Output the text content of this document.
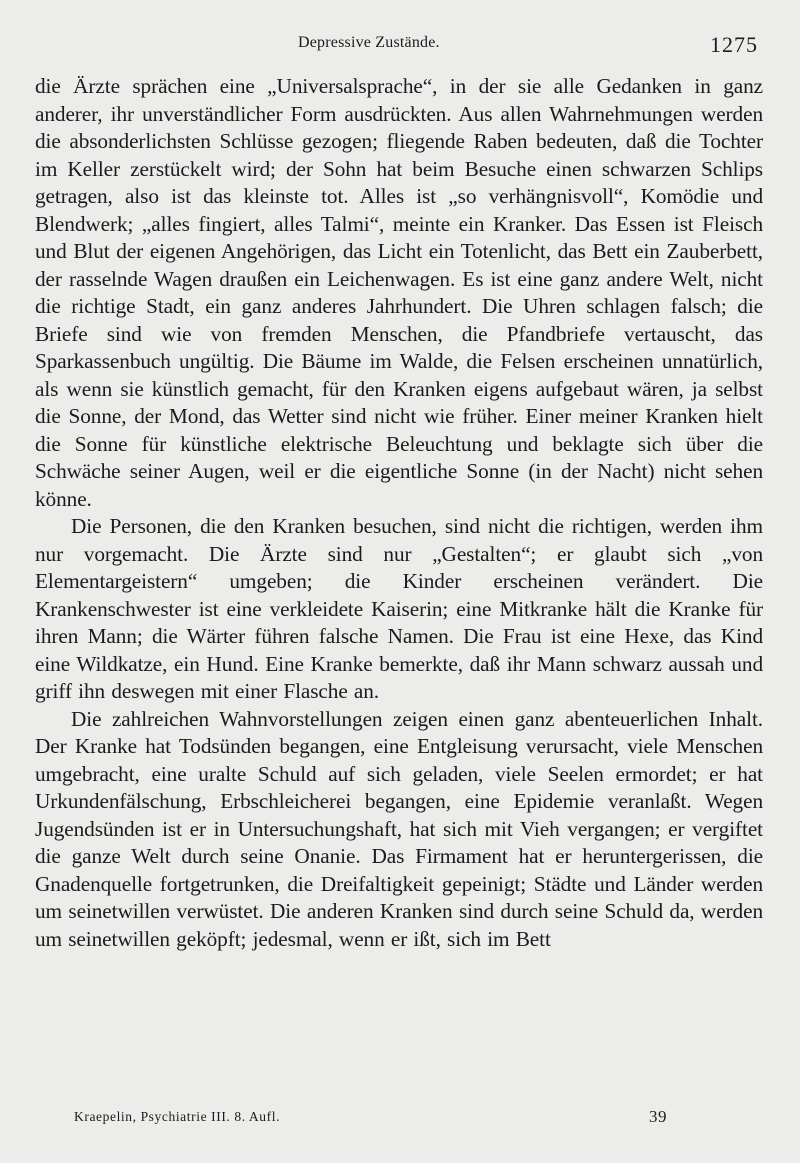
Depressive Zustände.	1275

die Ärzte sprächen eine „Universalsprache“, in der sie alle Gedanken in ganz anderer, ihr unverständlicher Form ausdrückten. Aus allen Wahrnehmungen werden die absonderlichsten Schlüsse gezogen; fliegende Raben bedeuten, daß die Tochter im Keller zerstückelt wird; der Sohn hat beim Besuche einen schwarzen Schlips getragen, also ist das kleinste tot. Alles ist „so verhängnisvoll“, Komödie und Blendwerk; „alles fingiert, alles Talmi“, meinte ein Kranker. Das Essen ist Fleisch und Blut der eigenen Angehörigen, das Licht ein Totenlicht, das Bett ein Zauberbett, der rasselnde Wagen draußen ein Leichenwagen. Es ist eine ganz andere Welt, nicht die richtige Stadt, ein ganz anderes Jahrhundert. Die Uhren schlagen falsch; die Briefe sind wie von fremden Menschen, die Pfandbriefe vertauscht, das Sparkassenbuch ungültig. Die Bäume im Walde, die Felsen erscheinen unnatürlich, als wenn sie künstlich gemacht, für den Kranken eigens aufgebaut wären, ja selbst die Sonne, der Mond, das Wetter sind nicht wie früher. Einer meiner Kranken hielt die Sonne für künstliche elektrische Beleuchtung und beklagte sich über die Schwäche seiner Augen, weil er die eigentliche Sonne (in der Nacht) nicht sehen könne.

Die Personen, die den Kranken besuchen, sind nicht die richtigen, werden ihm nur vorgemacht. Die Ärzte sind nur „Gestalten“; er glaubt sich „von Elementargeistern“ umgeben; die Kinder erscheinen verändert. Die Krankenschwester ist eine verkleidete Kaiserin; eine Mitkranke hält die Kranke für ihren Mann; die Wärter führen falsche Namen. Die Frau ist eine Hexe, das Kind eine Wildkatze, ein Hund. Eine Kranke bemerkte, daß ihr Mann schwarz aussah und griff ihn deswegen mit einer Flasche an.

Die zahlreichen Wahnvorstellungen zeigen einen ganz abenteuerlichen Inhalt. Der Kranke hat Todsünden begangen, eine Entgleisung verursacht, viele Menschen umgebracht, eine uralte Schuld auf sich geladen, viele Seelen ermordet; er hat Urkundenfälschung, Erbschleicherei begangen, eine Epidemie veranlaßt. Wegen Jugendsünden ist er in Untersuchungshaft, hat sich mit Vieh vergangen; er vergiftet die ganze Welt durch seine Onanie. Das Firmament hat er heruntergerissen, die Gnadenquelle fortgetrunken, die Dreifaltigkeit gepeinigt; Städte und Länder werden um seinetwillen verwüstet. Die anderen Kranken sind durch seine Schuld da, werden um seinetwillen geköpft; jedesmal, wenn er ißt, sich im Bett

Kraepelin, Psychiatrie III. 8. Aufl.	39
